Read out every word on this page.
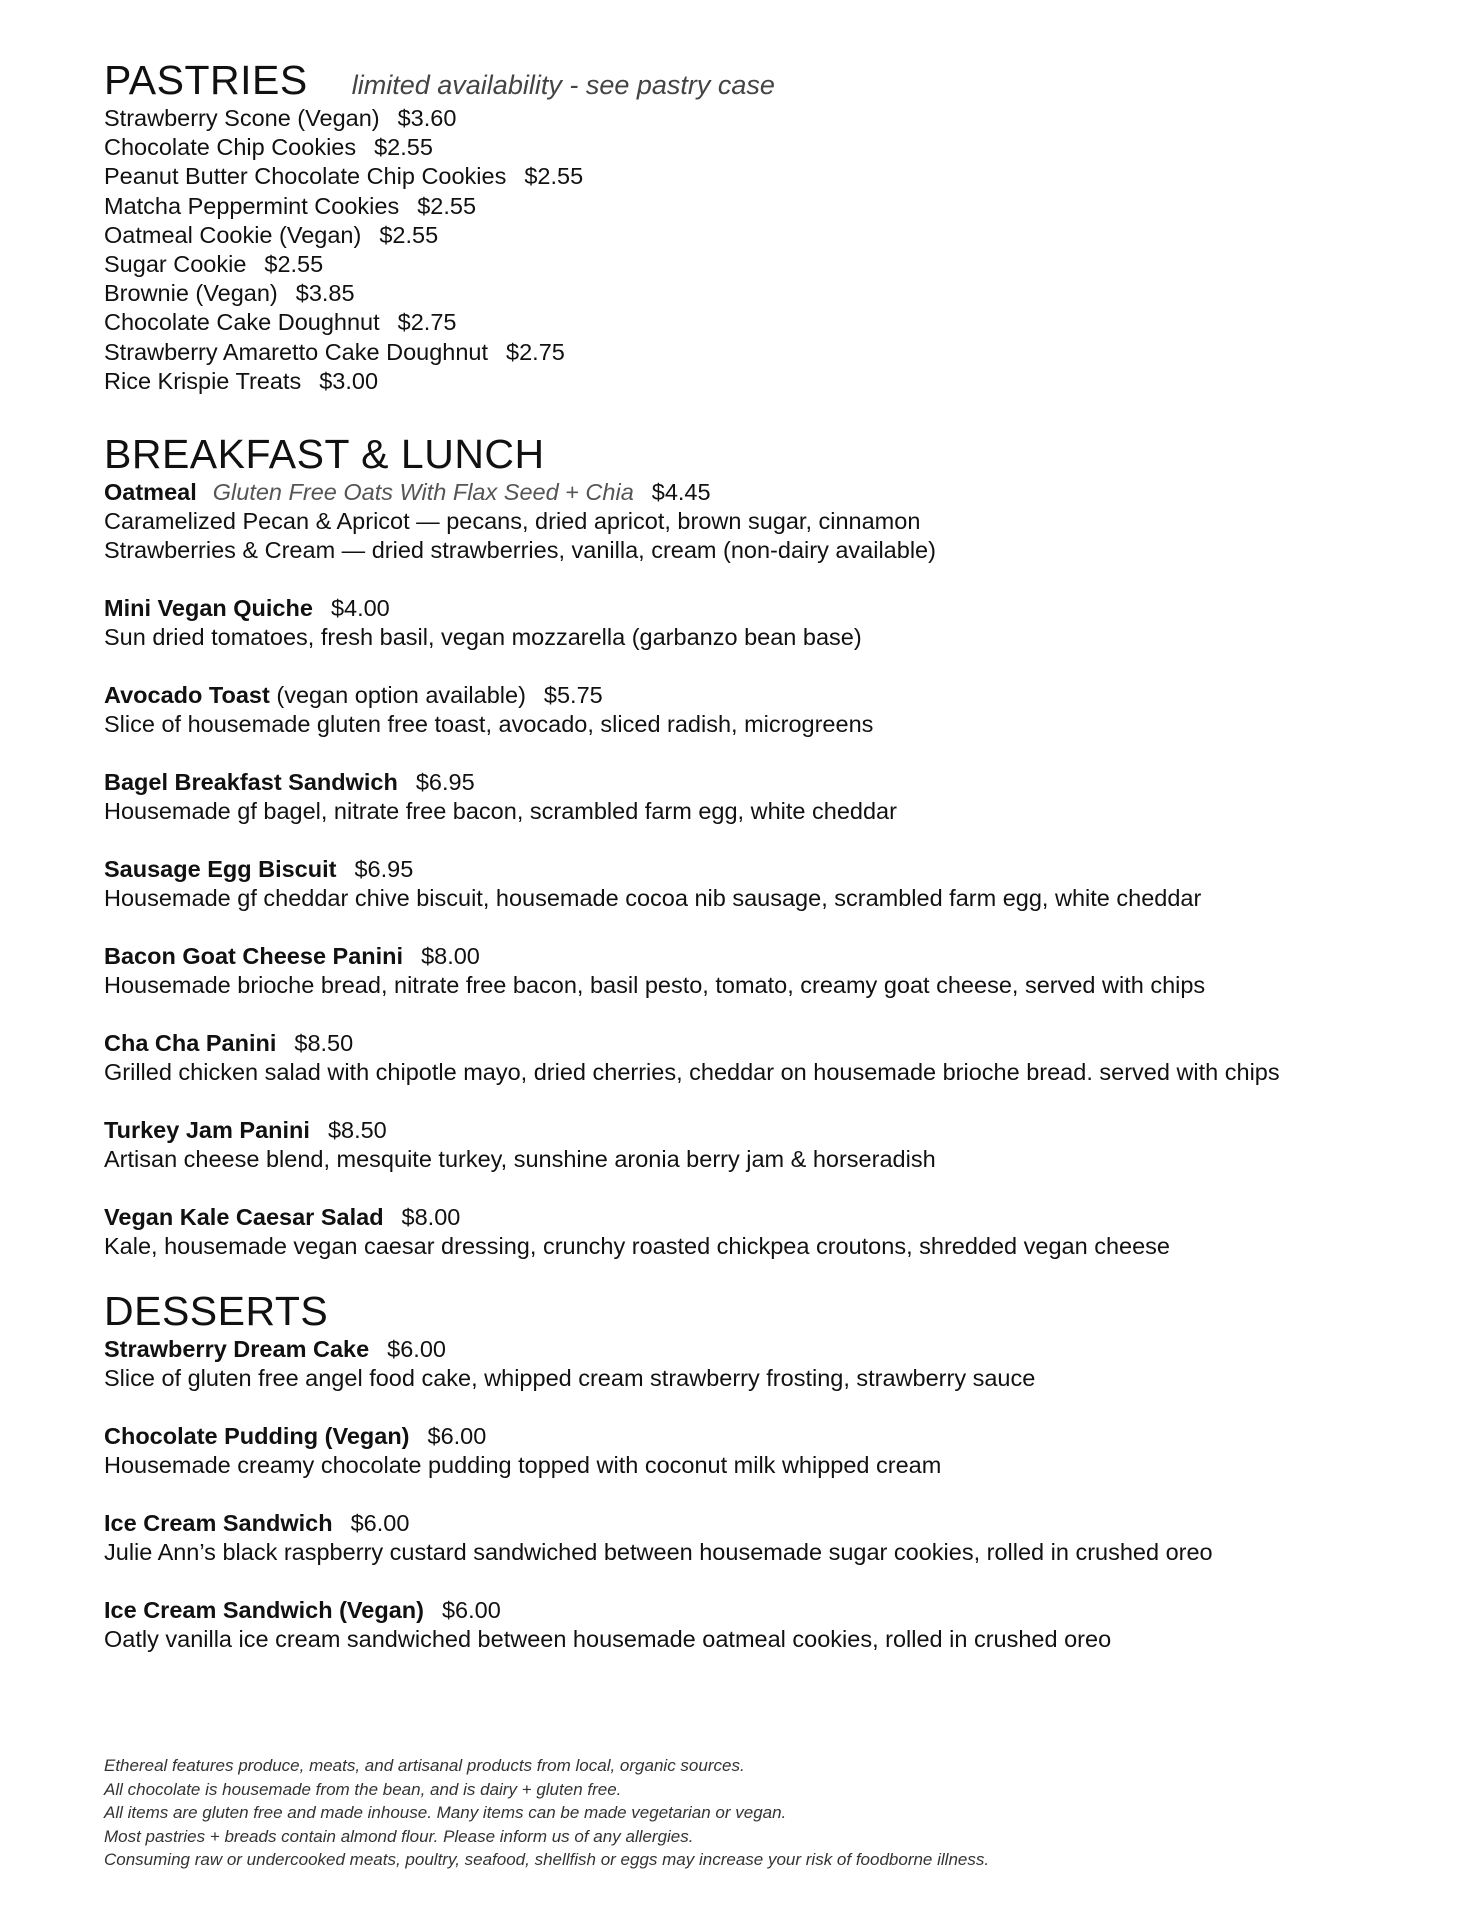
PASTRIES limited availability - see pastry case
Strawberry Scone (Vegan) $3.60
Chocolate Chip Cookies $2.55
Peanut Butter Chocolate Chip Cookies $2.55
Matcha Peppermint Cookies $2.55
Oatmeal Cookie (Vegan) $2.55
Sugar Cookie $2.55
Brownie (Vegan) $3.85
Chocolate Cake Doughnut $2.75
Strawberry Amaretto Cake Doughnut $2.75
Rice Krispie Treats $3.00
BREAKFAST & LUNCH
Oatmeal Gluten Free Oats With Flax Seed + Chia $4.45
Caramelized Pecan & Apricot — pecans, dried apricot, brown sugar, cinnamon
Strawberries & Cream — dried strawberries, vanilla, cream (non-dairy available)
Mini Vegan Quiche $4.00
Sun dried tomatoes, fresh basil, vegan mozzarella (garbanzo bean base)
Avocado Toast (vegan option available) $5.75
Slice of housemade gluten free toast, avocado, sliced radish, microgreens
Bagel Breakfast Sandwich $6.95
Housemade gf bagel, nitrate free bacon, scrambled farm egg, white cheddar
Sausage Egg Biscuit $6.95
Housemade gf cheddar chive biscuit, housemade cocoa nib sausage, scrambled farm egg, white cheddar
Bacon Goat Cheese Panini $8.00
Housemade brioche bread, nitrate free bacon, basil pesto, tomato, creamy goat cheese, served with chips
Cha Cha Panini $8.50
Grilled chicken salad with chipotle mayo, dried cherries, cheddar on housemade brioche bread. served with chips
Turkey Jam Panini $8.50
Artisan cheese blend, mesquite turkey, sunshine aronia berry jam & horseradish
Vegan Kale Caesar Salad $8.00
Kale, housemade vegan caesar dressing, crunchy roasted chickpea croutons, shredded vegan cheese
DESSERTS
Strawberry Dream Cake $6.00
Slice of gluten free angel food cake, whipped cream strawberry frosting, strawberry sauce
Chocolate Pudding (Vegan) $6.00
Housemade creamy chocolate pudding topped with coconut milk whipped cream
Ice Cream Sandwich $6.00
Julie Ann’s black raspberry custard sandwiched between housemade sugar cookies, rolled in crushed oreo
Ice Cream Sandwich (Vegan) $6.00
Oatly vanilla ice cream sandwiched between housemade oatmeal cookies, rolled in crushed oreo

Ethereal features produce, meats, and artisanal products from local, organic sources.

All chocolate is housemade from the bean, and is dairy + gluten free.

All items are gluten free and made inhouse. Many items can be made vegetarian or vegan.

Most pastries + breads contain almond flour. Please inform us of any allergies.

Consuming raw or undercooked meats, poultry, seafood, shellfish or eggs may increase your risk of foodborne illness.
